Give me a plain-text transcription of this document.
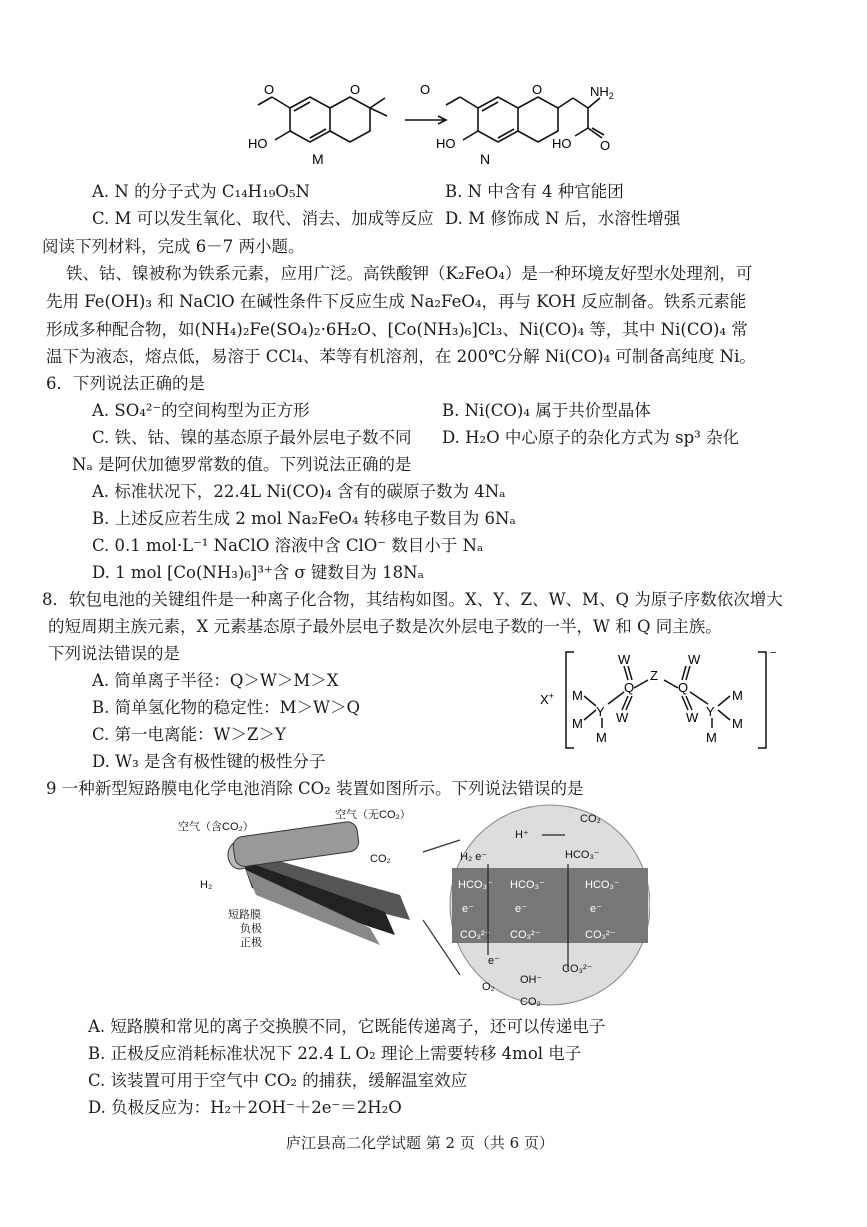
O	O
HO
M
O	O
HO
N
$NH_2$
HO O
A. N 的分子式为 C₁₄H₁₉O₅N	B. N 中含有 4 种官能团
C. M 可以发生氧化、取代、消去、加成等反应 D. M 修饰成 N 后，水溶性增强
阅读下列材料，完成 6－7 两小题。
铁、钴、镍被称为铁系元素，应用广泛。高铁酸钾（K₂FeO₄）是一种环境友好型水处理剂，可
先用 Fe(OH)₃ 和 NaClO 在碱性条件下反应生成 Na₂FeO₄，再与 KOH 反应制备。铁系元素能
形成多种配合物，如(NH₄)₂Fe(SO₄)₂·6H₂O、[Co(NH₃)₆]Cl₃、Ni(CO)₄ 等，其中 Ni(CO)₄ 常
温下为液态，熔点低，易溶于 CCl₄、苯等有机溶剂，在 200℃分解 Ni(CO)₄ 可制备高纯度 Ni。
6．下列说法正确的是
A. SO₄²⁻的空间构型为正方形	B. Ni(CO)₄ 属于共价型晶体
C. 铁、钴、镍的基态原子最外层电子数不同 D. H₂O 中心原子的杂化方式为 sp³ 杂化
Nₐ 是阿伏加德罗常数的值。下列说法正确的是
A. 标准状况下，22.4L Ni(CO)₄ 含有的碳原子数为 4Nₐ
B. 上述反应若生成 2 mol Na₂FeO₄ 转移电子数目为 6Nₐ
C. 0.1 mol·L⁻¹ NaClO 溶液中含 ClO⁻ 数目小于 Nₐ
D. 1 mol [Co(NH₃)₆]³⁺含 σ 键数目为 18Nₐ
8．软包电池的关键组件是一种离子化合物，其结构如图。X、Y、Z、W、M、Q 为原子序数依次增大
的短周期主族元素，X 元素基态原子最外层电子数是次外层电子数的一半，W 和 Q 同主族。
下列说法错误的是
A. 简单离子半径：Q＞W＞M＞X
B. 简单氢化物的稳定性：M＞W＞Q
C. 第一电离能：W＞Z＞Y
D. W₃ 是含有极性键的极性分子
X+
−
M
M
Y
M
W
Q
W
Z
Q
W
W Y
M
M
M
9 一种新型短路膜电化学电池消除 CO₂ 装置如图所示。下列说法错误的是
空气（含CO₂）
空气（无CO₂）
CO₂
H₂
短路膜
负极
正极
H⁺
CO₂
HCO₃⁻
H₂ e⁻
HCO₃⁻ HCO₃⁻	HCO₃⁻
e⁻	e⁻	e⁻
CO₃²⁻ CO₃²⁻	CO₃²⁻
e⁻
O₂
OH⁻
CO₃²⁻
CO₂
A. 短路膜和常见的离子交换膜不同，它既能传递离子，还可以传递电子
B. 正极反应消耗标准状况下 22.4 L O₂ 理论上需要转移 4mol 电子
C. 该装置可用于空气中 CO₂ 的捕获，缓解温室效应
D. 负极反应为：H₂＋2OH⁻＋2e⁻＝2H₂O
庐江县高二化学试题 第 2 页（共 6 页）
